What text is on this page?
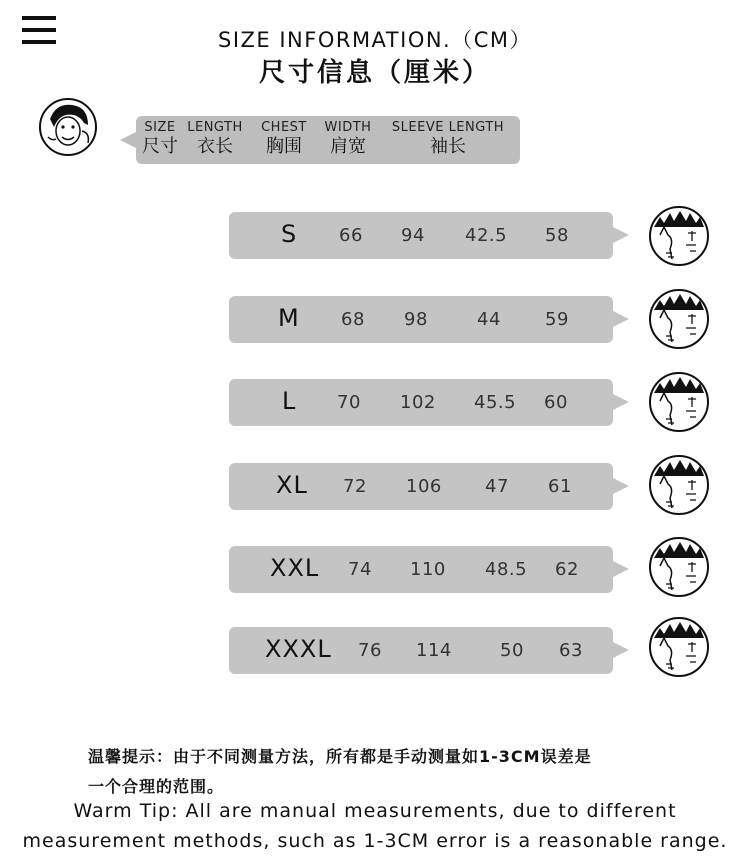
SIZE INFORMATION.（CM）
尺寸信息（厘米）
SIZE
尺寸
LENGTH
衣长
CHEST
胸围
WIDTH
肩宽
SLEEVE LENGTH
袖长
S 66 94 42.5 58
M 68 98	44 59
L 70 102 45.5 60
XL 72 106 47 61
XXL 74 110 48.5 62
XXXL 76 114	50 63
温馨提示：由于不同测量方法，所有都是手动测量如1-3CM误差是
一个合理的范围。
Warm Tip: All are manual measurements, due to different
measurement methods, such as 1-3CM error is a reasonable range.
